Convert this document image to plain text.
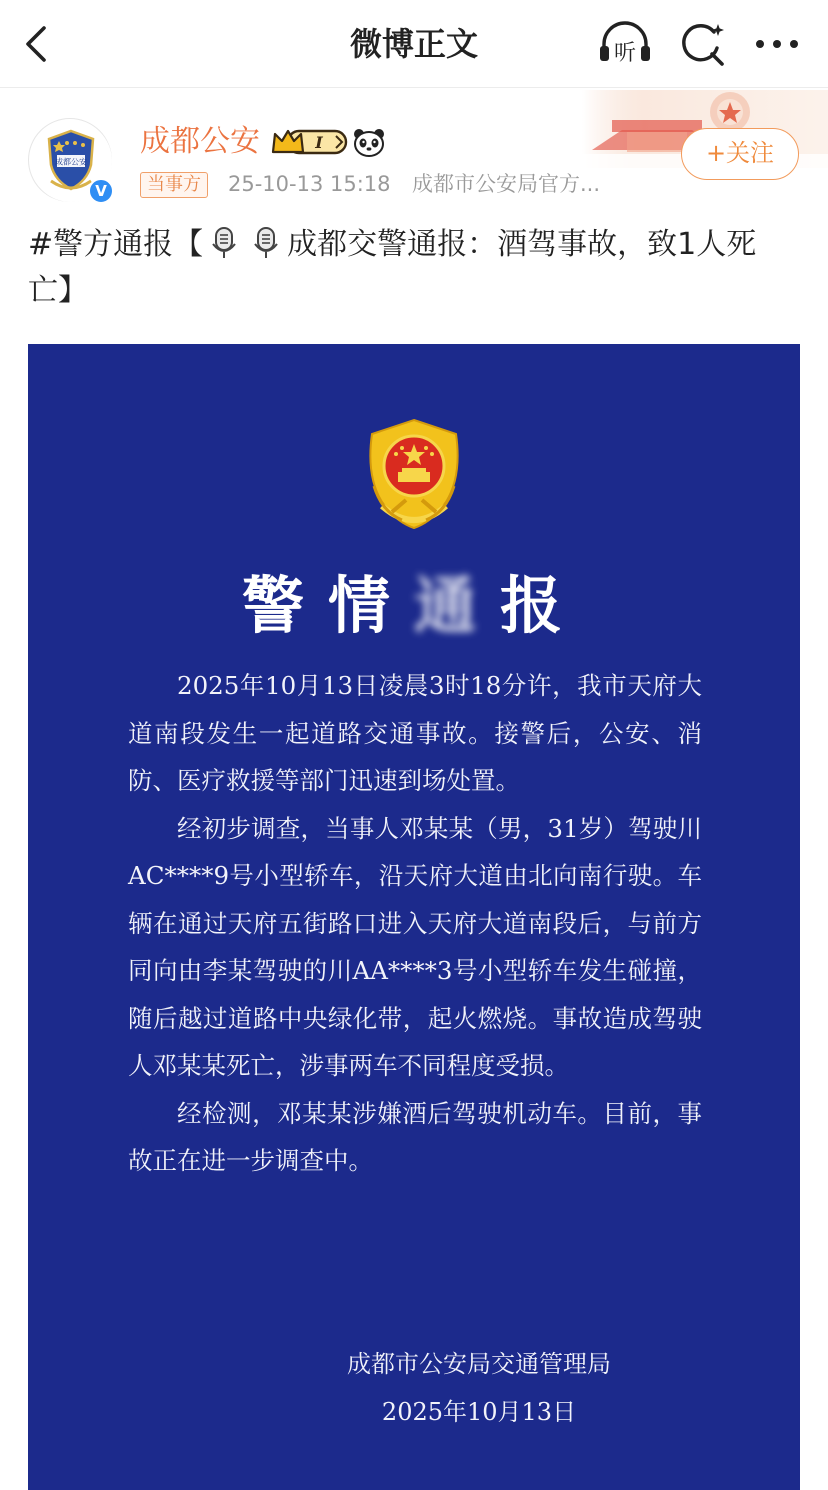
微博正文	听
成都公安
V
成都公安	I
当事方	25-10-13 15:18 成都市公安局官方...
+关注
#警方通报【	成都交警通报：酒驾事故，致1人死亡】
警情通报

2025年10月13日凌晨3时18分许，我市天府大道南段发生一起道路交通事故。接警后，公安、消防、医疗救援等部门迅速到场处置。

经初步调查，当事人邓某某（男，31岁）驾驶川AC****9号小型轿车，沿天府大道由北向南行驶。车辆在通过天府五街路口进入天府大道南段后，与前方同向由李某驾驶的川AA****3号小型轿车发生碰撞，随后越过道路中央绿化带，起火燃烧。事故造成驾驶人邓某某死亡，涉事两车不同程度受损。

经检测，邓某某涉嫌酒后驾驶机动车。目前，事故正在进一步调查中。

成都市公安局交通管理局
2025年10月13日
